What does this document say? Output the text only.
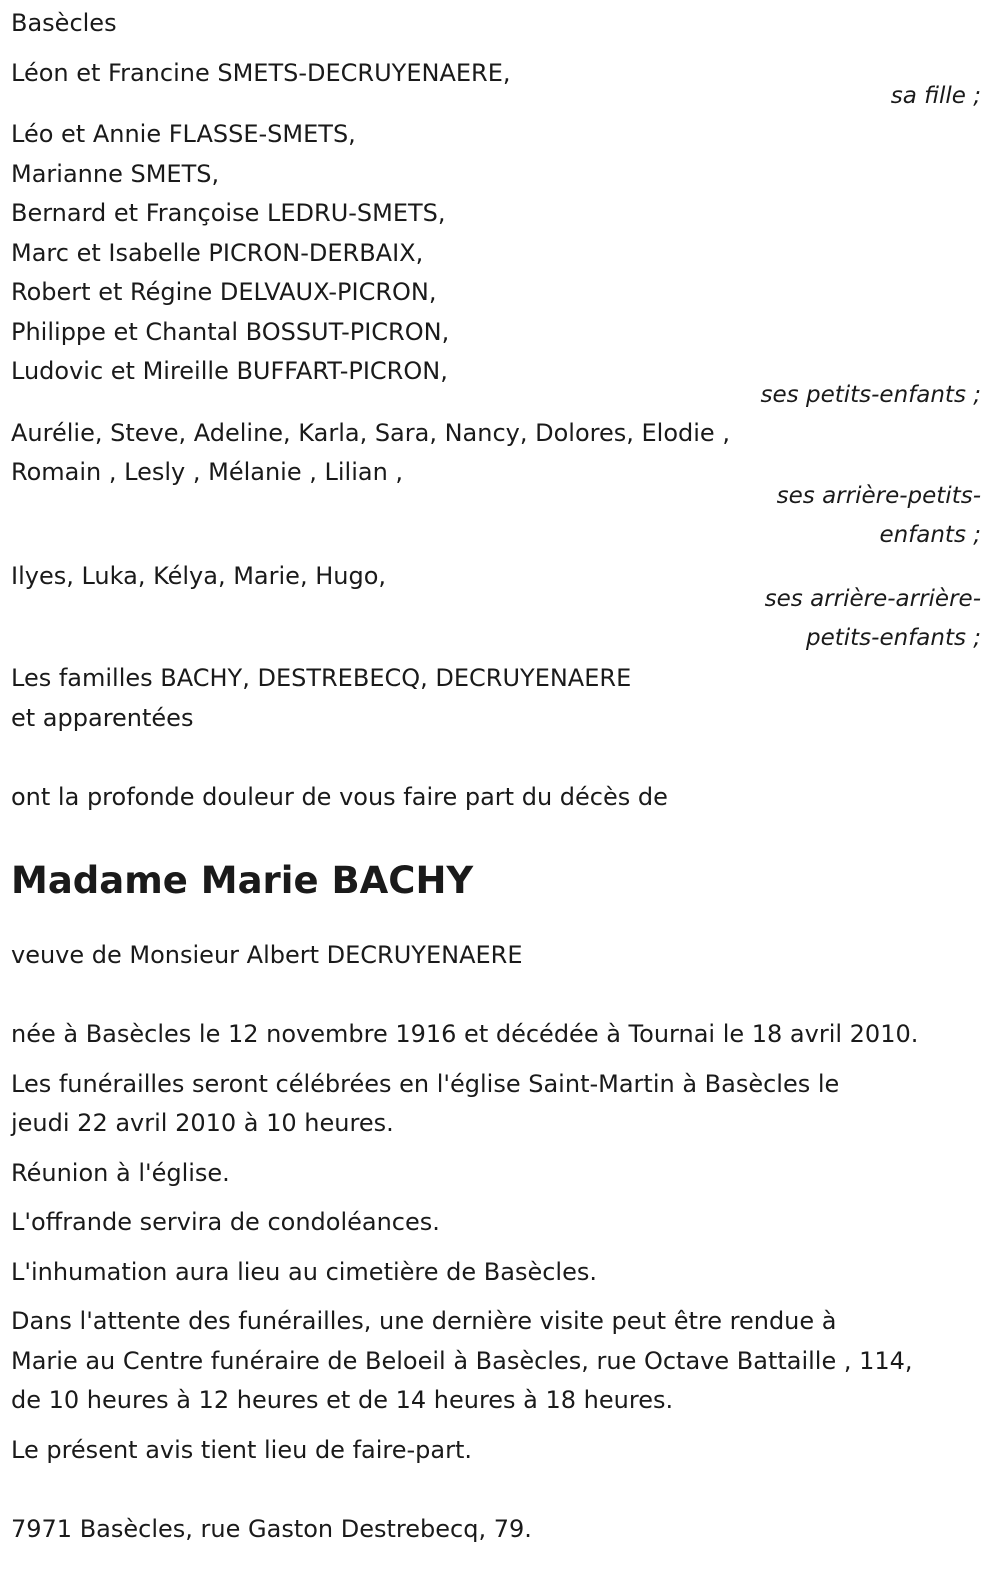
Basècles
Léon et Francine SMETS-DECRUYENAERE,
sa fille ;
Léo et Annie FLASSE-SMETS,
Marianne SMETS,
Bernard et Françoise LEDRU-SMETS,
Marc et Isabelle PICRON-DERBAIX,
Robert et Régine DELVAUX-PICRON,
Philippe et Chantal BOSSUT-PICRON,
Ludovic et Mireille BUFFART-PICRON,
ses petits-enfants ;
Aurélie, Steve, Adeline, Karla, Sara, Nancy, Dolores, Elodie ,
Romain , Lesly , Mélanie , Lilian ,
ses arrière-petits-
enfants ;
Ilyes, Luka, Kélya, Marie, Hugo,
ses arrière-arrière-
petits-enfants ;
Les familles BACHY, DESTREBECQ, DECRUYENAERE
et apparentées
ont la profonde douleur de vous faire part du décès de
Madame Marie BACHY
veuve de Monsieur Albert DECRUYENAERE
née à Basècles le 12 novembre 1916 et décédée à Tournai le 18 avril 2010.
Les funérailles seront célébrées en l'église Saint-Martin à Basècles le
jeudi 22 avril 2010 à 10 heures.
Réunion à l'église.
L'offrande servira de condoléances.
L'inhumation aura lieu au cimetière de Basècles.
Dans l'attente des funérailles, une dernière visite peut être rendue à
Marie au Centre funéraire de Beloeil à Basècles, rue Octave Battaille , 114,
de 10 heures à 12 heures et de 14 heures à 18 heures.
Le présent avis tient lieu de faire-part.
7971 Basècles, rue Gaston Destrebecq, 79.
